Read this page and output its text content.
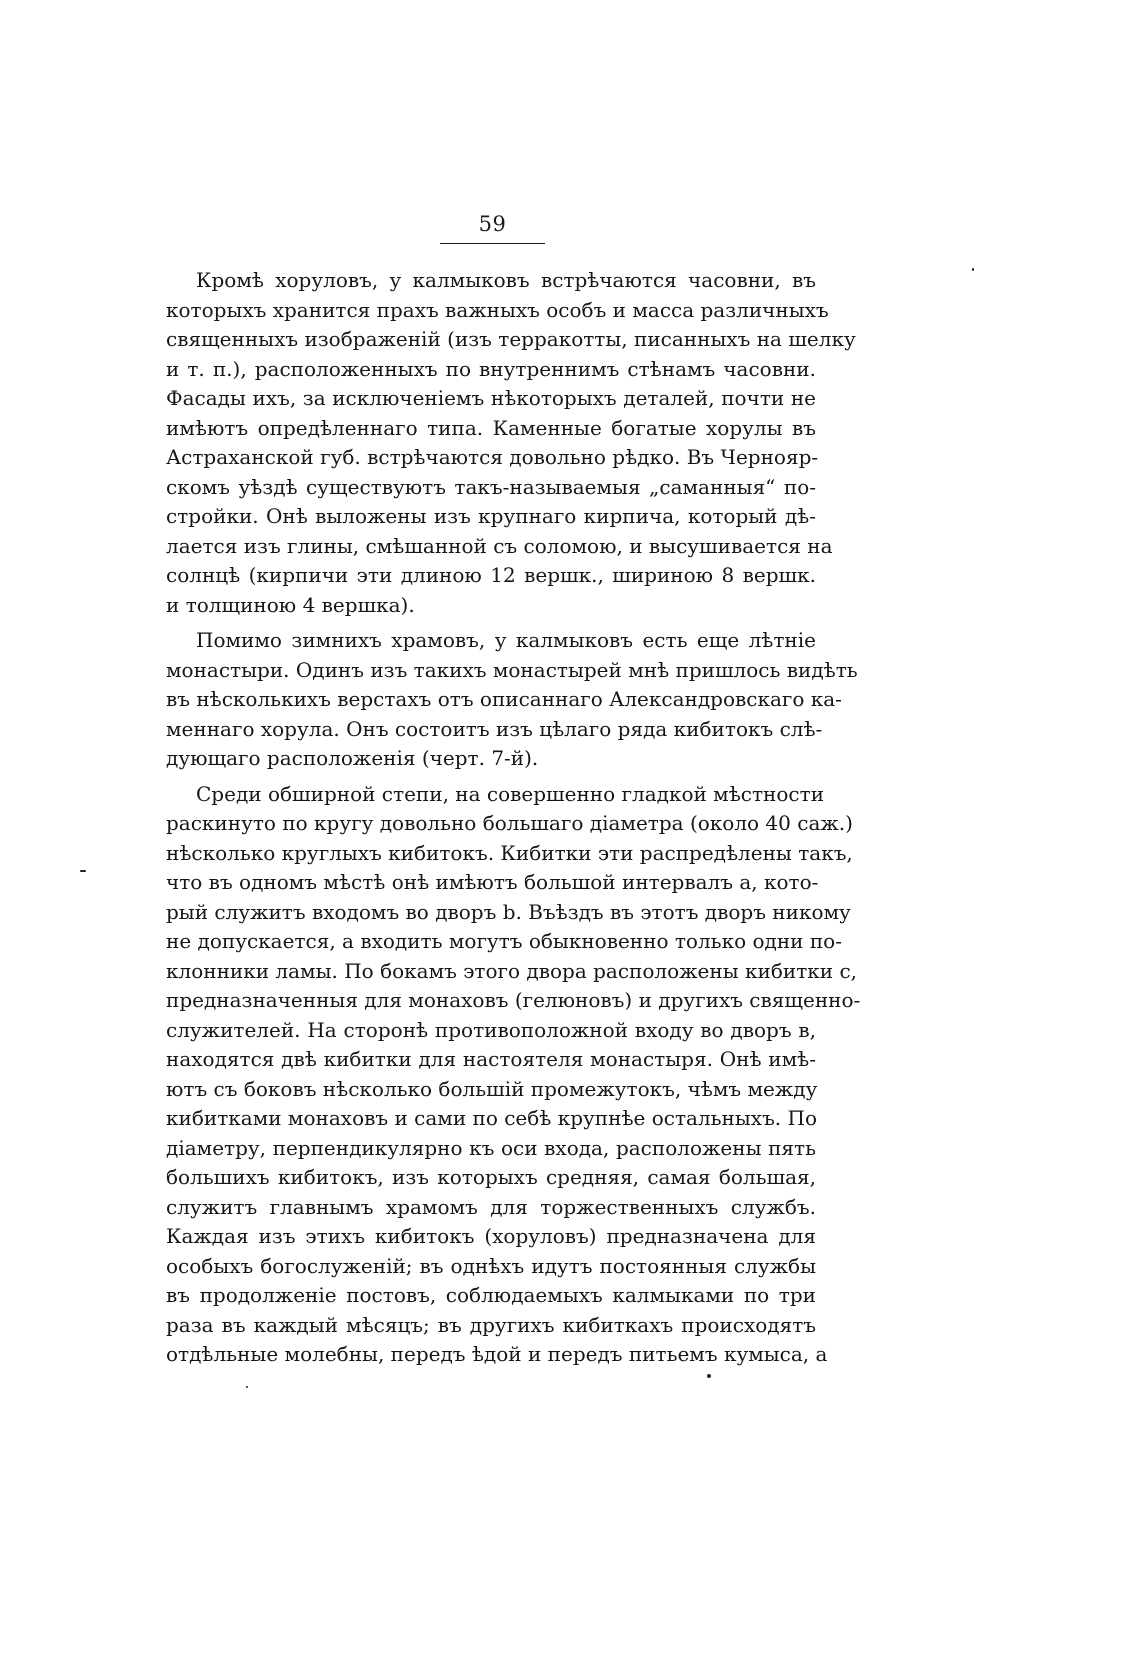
59
Кромѣ хоруловъ, у калмыковъ встрѣчаются часовни, въ
которыхъ хранится прахъ важныхъ особъ и масса различныхъ
священныхъ изображеній (изъ терракотты, писанныхъ на шелку
и т. п.), расположенныхъ по внутреннимъ стѣнамъ часовни.
Фасады ихъ, за исключеніемъ нѣкоторыхъ деталей, почти не
имѣютъ опредѣленнаго типа. Каменные богатые хорулы въ
Астраханской губ. встрѣчаются довольно рѣдко. Въ Чернояр-
скомъ уѣздѣ существуютъ такъ-называемыя „саманныя“ по-
стройки. Онѣ выложены изъ крупнаго кирпича, который дѣ-
лается изъ глины, смѣшанной съ соломою, и высушивается на
солнцѣ (кирпичи эти длиною 12 вершк., шириною 8 вершк.
и толщиною 4 вершка).
Помимо зимнихъ храмовъ, у калмыковъ есть еще лѣтніе
монастыри. Одинъ изъ такихъ монастырей мнѣ пришлось видѣть
въ нѣсколькихъ верстахъ отъ описаннаго Александровскаго ка-
меннаго хорула. Онъ состоитъ изъ цѣлаго ряда кибитокъ слѣ-
дующаго расположенія (черт. 7-й).
Среди обширной степи, на совершенно гладкой мѣстности
раскинуто по кругу довольно большаго діаметра (около 40 саж.)
нѣсколько круглыхъ кибитокъ. Кибитки эти распредѣлены такъ,
что въ одномъ мѣстѣ онѣ имѣютъ большой интервалъ a, кото-
рый служитъ входомъ во дворъ b. Въѣздъ въ этотъ дворъ никому
не допускается, а входить могутъ обыкновенно только одни по-
клонники ламы. По бокамъ этого двора расположены кибитки c,
предназначенныя для монаховъ (гелюновъ) и другихъ священно-
служителей. На сторонѣ противоположной входу во дворъ в,
находятся двѣ кибитки для настоятеля монастыря. Онѣ имѣ-
ютъ съ боковъ нѣсколько большій промежутокъ, чѣмъ между
кибитками монаховъ и сами по себѣ крупнѣе остальныхъ. По
діаметру, перпендикулярно къ оси входа, расположены пять
большихъ кибитокъ, изъ которыхъ средняя, самая большая,
служитъ главнымъ храмомъ для торжественныхъ службъ.
Каждая изъ этихъ кибитокъ (хоруловъ) предназначена для
особыхъ богослуженій; въ однѣхъ идутъ постоянныя службы
въ продолженіе постовъ, соблюдаемыхъ калмыками по три
раза въ каждый мѣсяцъ; въ другихъ кибиткахъ происходятъ
отдѣльные молебны, передъ ѣдой и передъ питьемъ кумыса, а
